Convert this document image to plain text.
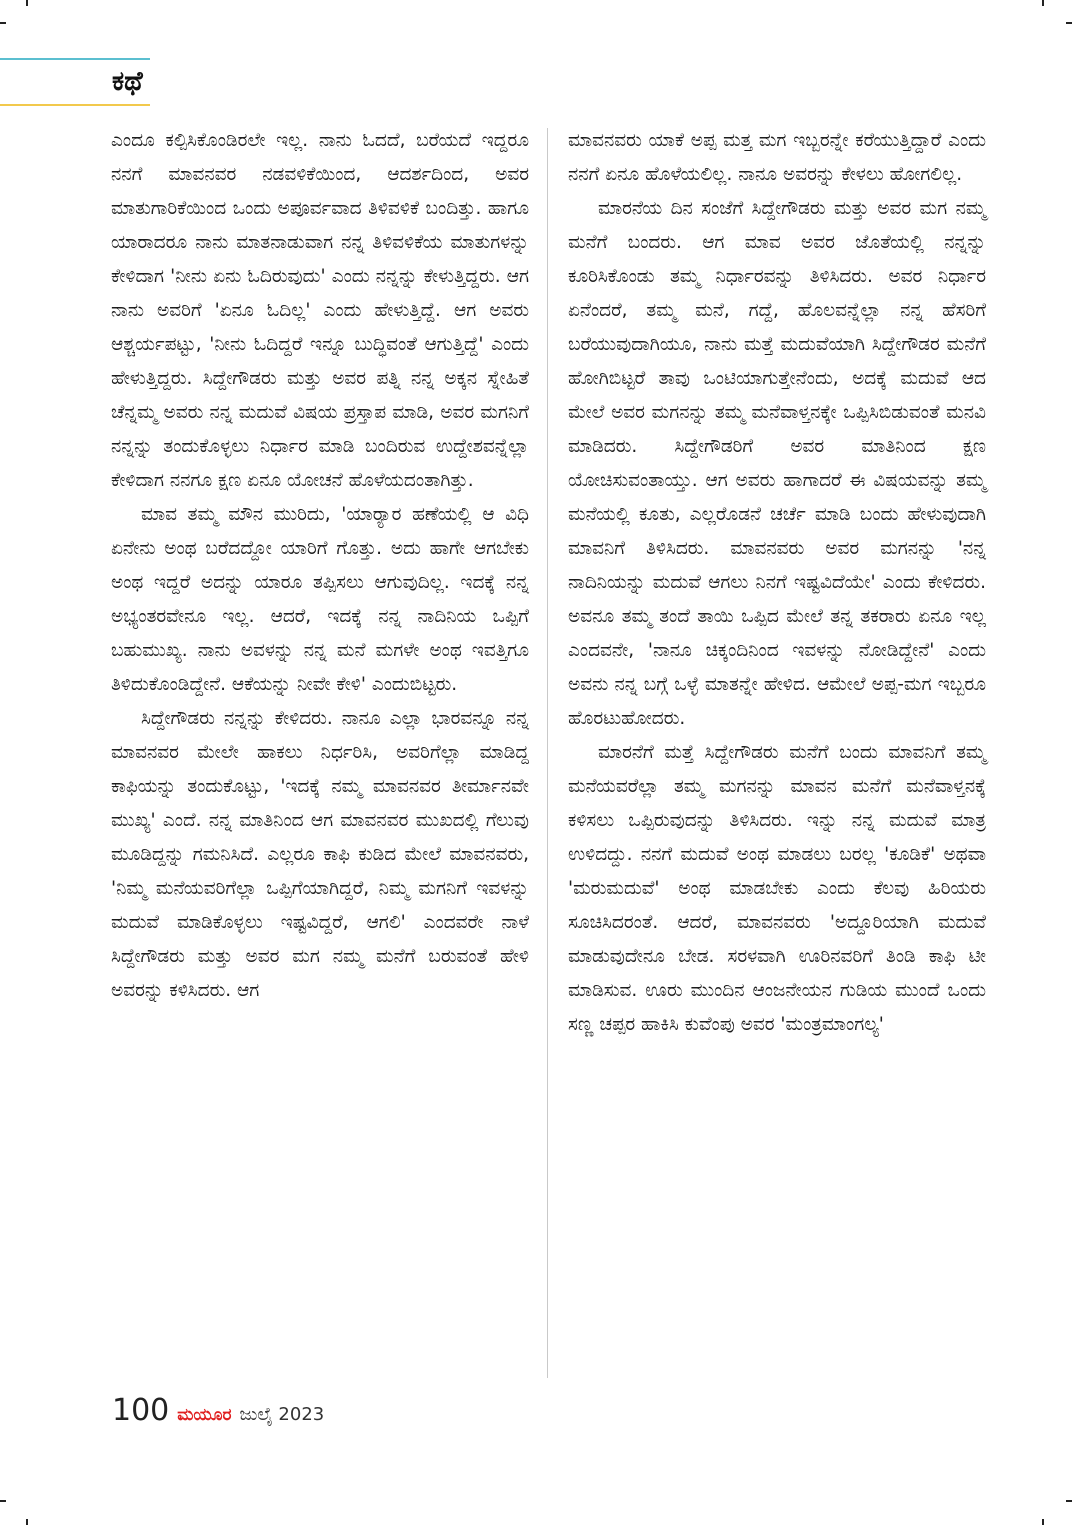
ಕಥೆ

ಎಂದೂ ಕಲ್ಪಿಸಿಕೊಂಡಿರಲೇ ಇಲ್ಲ. ನಾನು ಓದದೆ, ಬರೆಯದೆ ಇದ್ದರೂ ನನಗೆ ಮಾವನವರ ನಡವಳಿಕೆಯಿಂದ, ಆದರ್ಶದಿಂದ, ಅವರ ಮಾತುಗಾರಿಕೆಯಿಂದ ಒಂದು ಅಪೂರ್ವವಾದ ತಿಳಿವಳಿಕೆ ಬಂದಿತ್ತು. ಹಾಗೂ ಯಾರಾದರೂ ನಾನು ಮಾತನಾಡುವಾಗ ನನ್ನ ತಿಳಿವಳಿಕೆಯ ಮಾತುಗಳನ್ನು ಕೇಳಿದಾಗ 'ನೀನು ಏನು ಓದಿರುವುದು' ಎಂದು ನನ್ನನ್ನು ಕೇಳುತ್ತಿದ್ದರು. ಆಗ ನಾನು ಅವರಿಗೆ 'ಏನೂ ಓದಿಲ್ಲ' ಎಂದು ಹೇಳುತ್ತಿದ್ದೆ. ಆಗ ಅವರು ಆಶ್ಚರ್ಯಪಟ್ಟು, 'ನೀನು ಓದಿದ್ದರೆ ಇನ್ನೂ ಬುದ್ಧಿವಂತೆ ಆಗುತ್ತಿದ್ದೆ' ಎಂದು ಹೇಳುತ್ತಿದ್ದರು. ಸಿದ್ದೇಗೌಡರು ಮತ್ತು ಅವರ ಪತ್ನಿ ನನ್ನ ಅಕ್ಕನ ಸ್ನೇಹಿತೆ ಚೆನ್ನಮ್ಮ ಅವರು ನನ್ನ ಮದುವೆ ವಿಷಯ ಪ್ರಸ್ತಾಪ ಮಾಡಿ, ಅವರ ಮಗನಿಗೆ ನನ್ನನ್ನು ತಂದುಕೊಳ್ಳಲು ನಿರ್ಧಾರ ಮಾಡಿ ಬಂದಿರುವ ಉದ್ದೇಶವನ್ನೆಲ್ಲಾ ಕೇಳಿದಾಗ ನನಗೂ ಕ್ಷಣ ಏನೂ ಯೋಚನೆ ಹೊಳೆಯದಂತಾಗಿತ್ತು.

ಮಾವ ತಮ್ಮ ಮೌನ ಮುರಿದು, 'ಯಾರ್‍ಯಾರ ಹಣೆಯಲ್ಲಿ ಆ ವಿಧಿ ಏನೇನು ಅಂಥ ಬರೆದದ್ದೋ ಯಾರಿಗೆ ಗೊತ್ತು. ಅದು ಹಾಗೇ ಆಗಬೇಕು ಅಂಥ ಇದ್ದರೆ ಅದನ್ನು ಯಾರೂ ತಪ್ಪಿಸಲು ಆಗುವುದಿಲ್ಲ. ಇದಕ್ಕೆ ನನ್ನ ಅಭ್ಯಂತರವೇನೂ ಇಲ್ಲ. ಆದರೆ, ಇದಕ್ಕೆ ನನ್ನ ನಾದಿನಿಯ ಒಪ್ಪಿಗೆ ಬಹುಮುಖ್ಯ. ನಾನು ಅವಳನ್ನು ನನ್ನ ಮನೆ ಮಗಳೇ ಅಂಥ ಇವತ್ತಿಗೂ ತಿಳಿದುಕೊಂಡಿದ್ದೇನೆ. ಆಕೆಯನ್ನು ನೀವೇ ಕೇಳಿ' ಎಂದುಬಿಟ್ಟರು.

ಸಿದ್ದೇಗೌಡರು ನನ್ನನ್ನು ಕೇಳಿದರು. ನಾನೂ ಎಲ್ಲಾ ಭಾರವನ್ನೂ ನನ್ನ ಮಾವನವರ ಮೇಲೇ ಹಾಕಲು ನಿರ್ಧರಿಸಿ, ಅವರಿಗೆಲ್ಲಾ ಮಾಡಿದ್ದ ಕಾಫಿಯನ್ನು ತಂದುಕೊಟ್ಟು, 'ಇದಕ್ಕೆ ನಮ್ಮ ಮಾವನವರ ತೀರ್ಮಾನವೇ ಮುಖ್ಯ' ಎಂದೆ. ನನ್ನ ಮಾತಿನಿಂದ ಆಗ ಮಾವನವರ ಮುಖದಲ್ಲಿ ಗೆಲುವು ಮೂಡಿದ್ದನ್ನು ಗಮನಿಸಿದೆ. ಎಲ್ಲರೂ ಕಾಫಿ ಕುಡಿದ ಮೇಲೆ ಮಾವನವರು, 'ನಿಮ್ಮ ಮನೆಯವರಿಗೆಲ್ಲಾ ಒಪ್ಪಿಗೆಯಾಗಿದ್ದರೆ, ನಿಮ್ಮ ಮಗನಿಗೆ ಇವಳನ್ನು ಮದುವೆ ಮಾಡಿಕೊಳ್ಳಲು ಇಷ್ಟವಿದ್ದರೆ, ಆಗಲಿ' ಎಂದವರೇ ನಾಳೆ ಸಿದ್ದೇಗೌಡರು ಮತ್ತು ಅವರ ಮಗ ನಮ್ಮ ಮನೆಗೆ ಬರುವಂತೆ ಹೇಳಿ ಅವರನ್ನು ಕಳಿಸಿದರು. ಆಗ

ಮಾವನವರು ಯಾಕೆ ಅಪ್ಪ ಮತ್ತ ಮಗ ಇಬ್ಬರನ್ನೇ ಕರೆಯುತ್ತಿದ್ದಾರೆ ಎಂದು ನನಗೆ ಏನೂ ಹೊಳೆಯಲಿಲ್ಲ. ನಾನೂ ಅವರನ್ನು ಕೇಳಲು ಹೋಗಲಿಲ್ಲ.

ಮಾರನೆಯ ದಿನ ಸಂಜೆಗೆ ಸಿದ್ದೇಗೌಡರು ಮತ್ತು ಅವರ ಮಗ ನಮ್ಮ ಮನೆಗೆ ಬಂದರು. ಆಗ ಮಾವ ಅವರ ಜೊತೆಯಲ್ಲಿ ನನ್ನನ್ನು ಕೂರಿಸಿಕೊಂಡು ತಮ್ಮ ನಿರ್ಧಾರವನ್ನು ತಿಳಿಸಿದರು. ಅವರ ನಿರ್ಧಾರ ಏನೆಂದರೆ, ತಮ್ಮ ಮನೆ, ಗದ್ದೆ, ಹೊಲವನ್ನೆಲ್ಲಾ ನನ್ನ ಹೆಸರಿಗೆ ಬರೆಯುವುದಾಗಿಯೂ, ನಾನು ಮತ್ತೆ ಮದುವೆಯಾಗಿ ಸಿದ್ದೇಗೌಡರ ಮನೆಗೆ ಹೋಗಿಬಿಟ್ಟರೆ ತಾವು ಒಂಟಿಯಾಗುತ್ತೇನೆಂದು, ಅದಕ್ಕೆ ಮದುವೆ ಆದ ಮೇಲೆ ಅವರ ಮಗನನ್ನು ತಮ್ಮ ಮನೆವಾಳ್ತನಕ್ಕೇ ಒಪ್ಪಿಸಿಬಿಡುವಂತೆ ಮನವಿ ಮಾಡಿದರು. ಸಿದ್ದೇಗೌಡರಿಗೆ ಅವರ ಮಾತಿನಿಂದ ಕ್ಷಣ ಯೋಚಿಸುವಂತಾಯ್ತು. ಆಗ ಅವರು ಹಾಗಾದರೆ ಈ ವಿಷಯವನ್ನು ತಮ್ಮ ಮನೆಯಲ್ಲಿ ಕೂತು, ಎಲ್ಲರೊಡನೆ ಚರ್ಚೆ ಮಾಡಿ ಬಂದು ಹೇಳುವುದಾಗಿ ಮಾವನಿಗೆ ತಿಳಿಸಿದರು. ಮಾವನವರು ಅವರ ಮಗನನ್ನು 'ನನ್ನ ನಾದಿನಿಯನ್ನು ಮದುವೆ ಆಗಲು ನಿನಗೆ ಇಷ್ಟವಿದೆಯೇ' ಎಂದು ಕೇಳಿದರು. ಅವನೂ ತಮ್ಮ ತಂದೆ ತಾಯಿ ಒಪ್ಪಿದ ಮೇಲೆ ತನ್ನ ತಕರಾರು ಏನೂ ಇಲ್ಲ ಎಂದವನೇ, 'ನಾನೂ ಚಿಕ್ಕಂದಿನಿಂದ ಇವಳನ್ನು ನೋಡಿದ್ದೇನೆ' ಎಂದು ಅವನು ನನ್ನ ಬಗ್ಗೆ ಒಳ್ಳೆ ಮಾತನ್ನೇ ಹೇಳಿದ. ಆಮೇಲೆ ಅಪ್ಪ-ಮಗ ಇಬ್ಬರೂ ಹೊರಟುಹೋದರು.

ಮಾರನೆಗೆ ಮತ್ತೆ ಸಿದ್ದೇಗೌಡರು ಮನೆಗೆ ಬಂದು ಮಾವನಿಗೆ ತಮ್ಮ ಮನೆಯವರೆಲ್ಲಾ ತಮ್ಮ ಮಗನನ್ನು ಮಾವನ ಮನೆಗೆ ಮನೆವಾಳ್ತನಕ್ಕೆ ಕಳಿಸಲು ಒಪ್ಪಿರುವುದನ್ನು ತಿಳಿಸಿದರು. ಇನ್ನು ನನ್ನ ಮದುವೆ ಮಾತ್ರ ಉಳಿದದ್ದು. ನನಗೆ ಮದುವೆ ಅಂಥ ಮಾಡಲು ಬರಲ್ಲ 'ಕೂಡಿಕೆ' ಅಥವಾ 'ಮರುಮದುವೆ' ಅಂಥ ಮಾಡಬೇಕು ಎಂದು ಕೆಲವು ಹಿರಿಯರು ಸೂಚಿಸಿದರಂತೆ. ಆದರೆ, ಮಾವನವರು 'ಅದ್ದೂರಿಯಾಗಿ ಮದುವೆ ಮಾಡುವುದೇನೂ ಬೇಡ. ಸರಳವಾಗಿ ಊರಿನವರಿಗೆ ತಿಂಡಿ ಕಾಫಿ ಟೀ ಮಾಡಿಸುವ. ಊರು ಮುಂದಿನ ಆಂಜನೇಯನ ಗುಡಿಯ ಮುಂದೆ ಒಂದು ಸಣ್ಣ ಚಪ್ಪರ ಹಾಕಿಸಿ ಕುವೆಂಪು ಅವರ 'ಮಂತ್ರಮಾಂಗಲ್ಯ'

100 ಮಯೂರ ಜುಲೈ 2023
